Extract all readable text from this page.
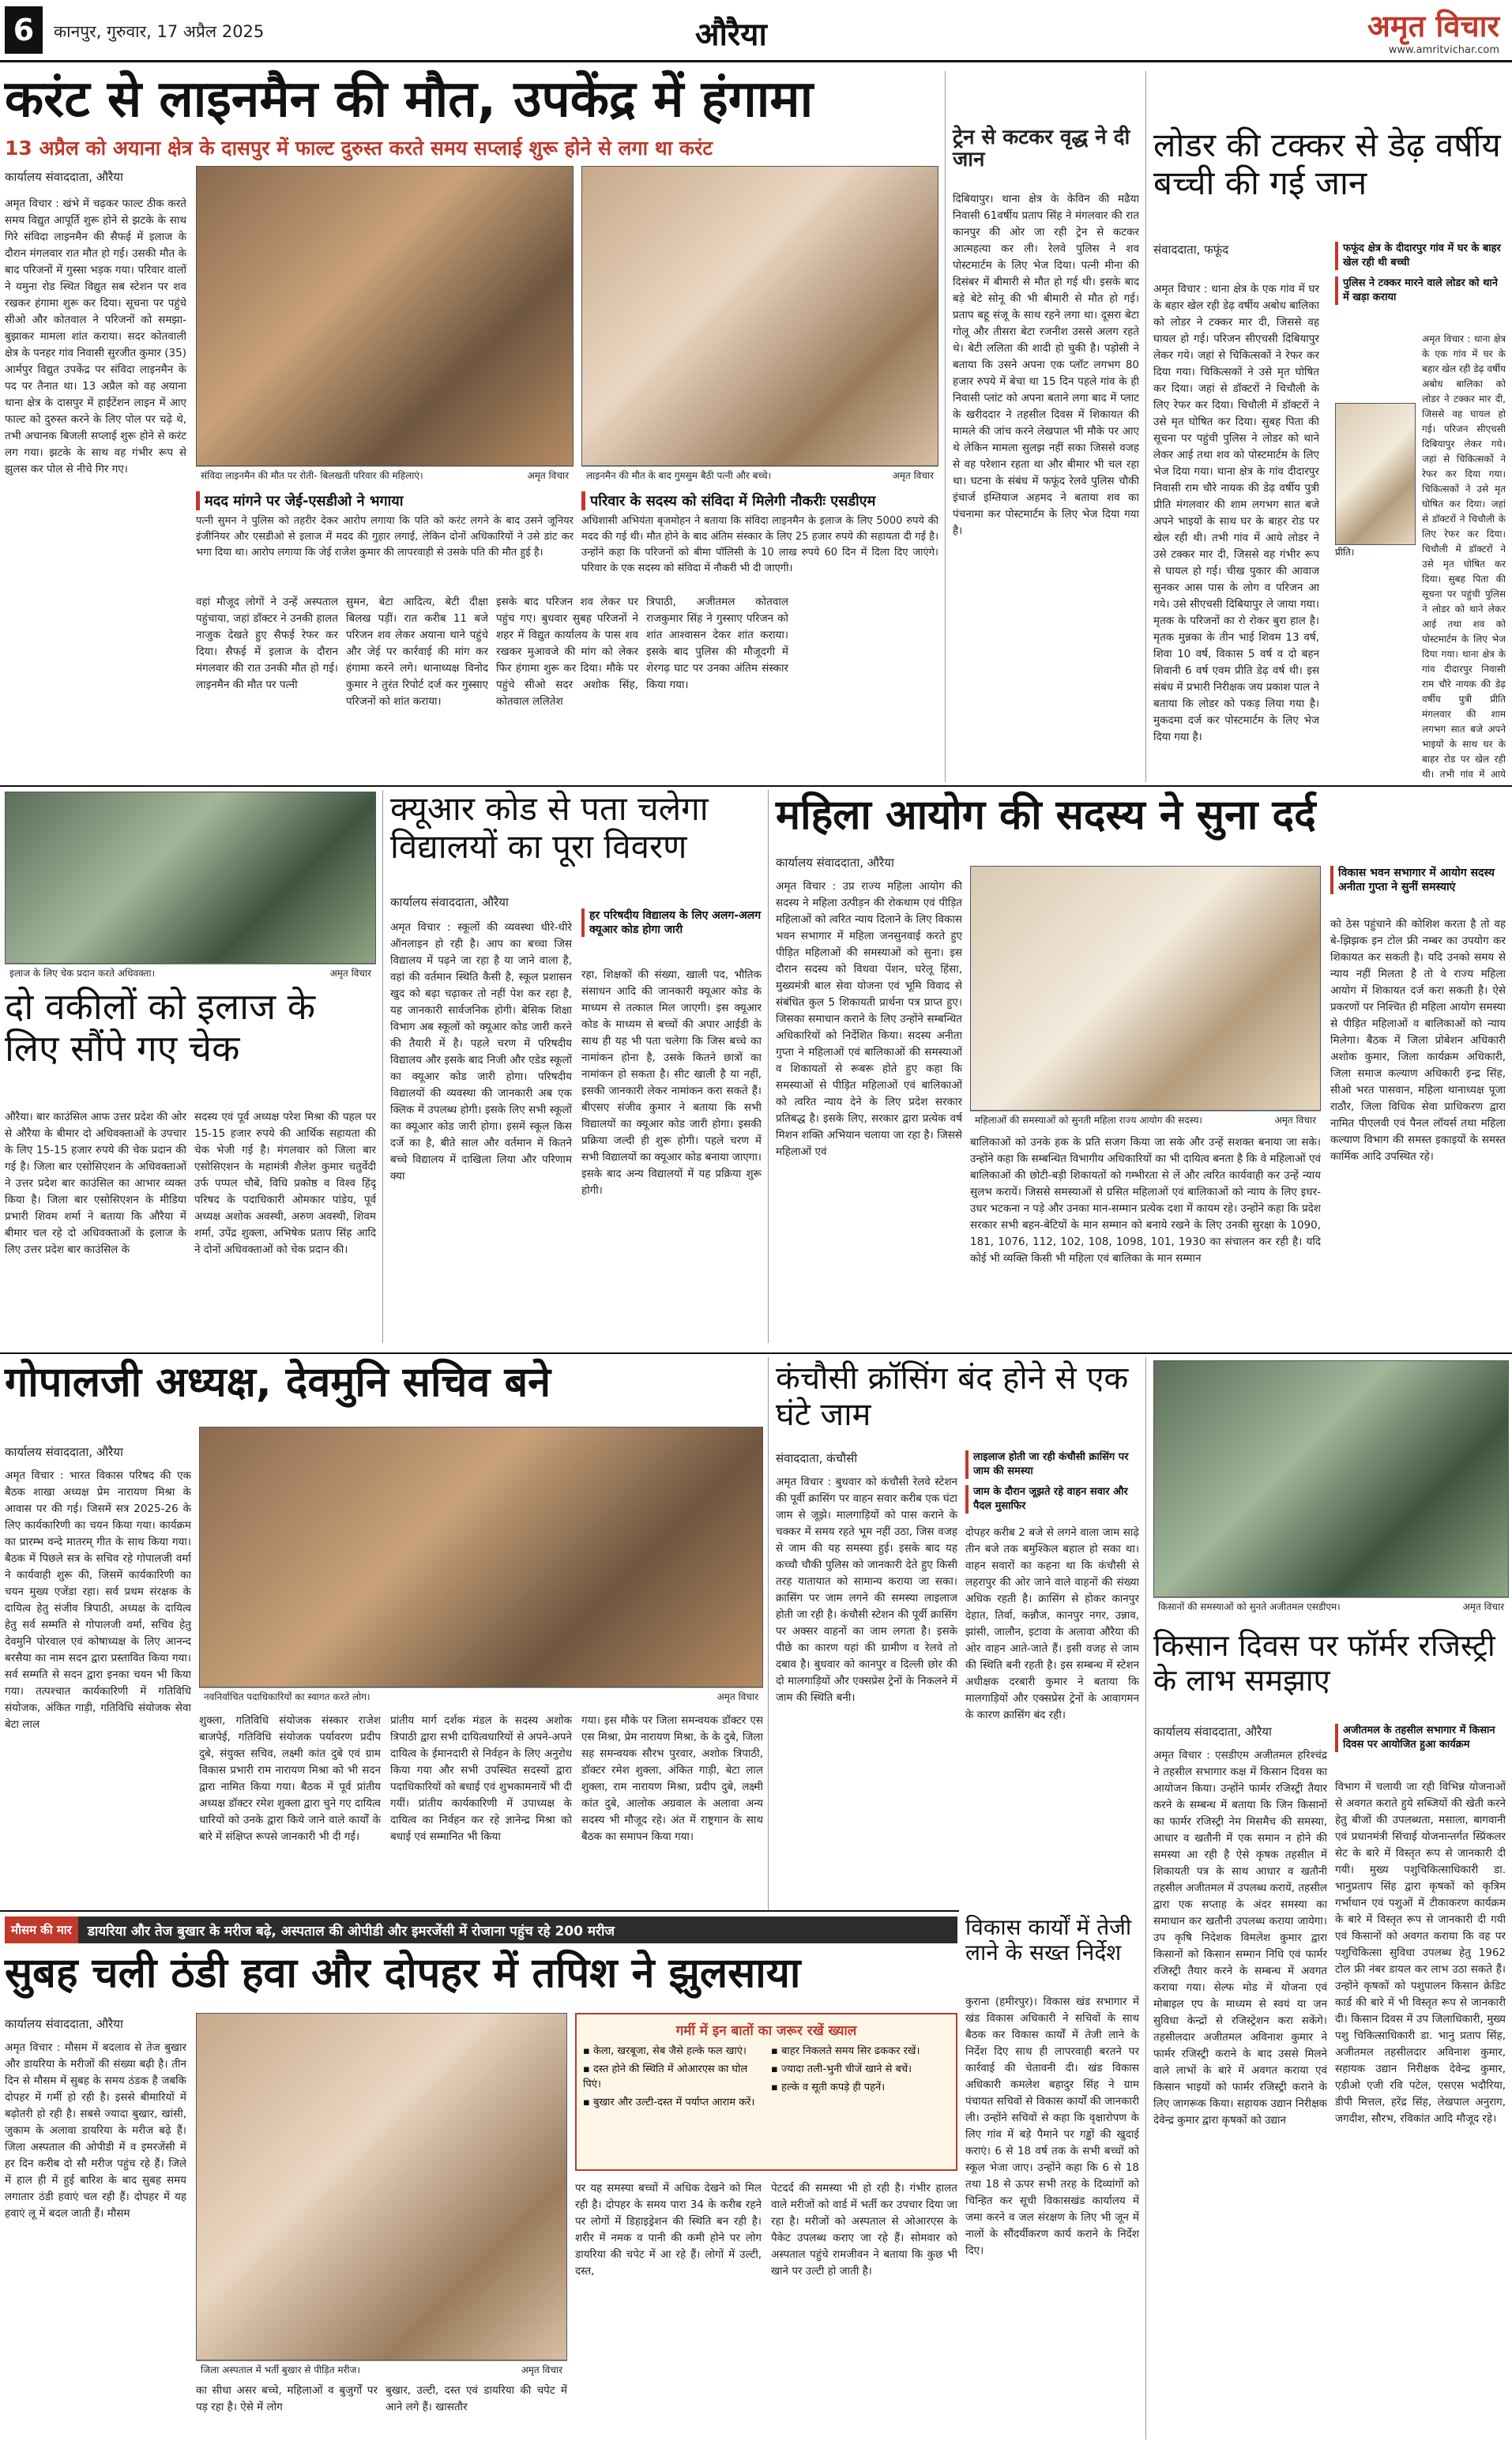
6	कानपुर, गुरुवार, 17 अप्रैल 2025	औरैया	अमृत विचार
www.amritvichar.com
करंट से लाइनमैन की मौत, उपकेंद्र में हंगामा
13 अप्रैल को अयाना क्षेत्र के दासपुर में फाल्ट दुरुस्त करते समय सप्लाई शुरू होने से लगा था करंट
कार्यालय संवाददाता, औरैया
अमृत विचार : खंभे में चढ़कर फाल्ट ठीक करते समय विद्युत आपूर्ति शुरू होने से झटके के साथ गिरे संविदा लाइनमैन की सैफई में इलाज के दौरान मंगलवार रात मौत हो गई। उसकी मौत के बाद परिजनों में गुस्सा भड़क गया। परिवार वालों ने यमुना रोड स्थित विद्युत सब स्टेशन पर शव रखकर हंगामा शुरू कर दिया। सूचना पर पहुंचे सीओ और कोतवाल ने परिजनों को समझा-बुझाकर मामला शांत कराया। सदर कोतवाली क्षेत्र के पनहर गांव निवासी सुरजीत कुमार (35) आर्मपुर विद्युत उपकेंद्र पर संविदा लाइनमैन के पद पर तैनात था। 13 अप्रैल को वह अयाना थाना क्षेत्र के दासपुर में हाईटेंशन लाइन में आए फाल्ट को दुरुस्त करने के लिए पोल पर चढ़े थे, तभी अचानक बिजली सप्लाई शुरू होने से करंट लग गया। झटके के साथ वह गंभीर रूप से झुलस कर पोल से नीचे गिर गए।	संविदा लाइनमैन की मौत पर रोती- बिलखती परिवार की महिलाएं।	अमृत विचार लाइनमैन की मौत के बाद गुमसुम बैठी पत्नी और बच्चे।	अमृत विचार
मदद मांगने पर जेई-एसडीओ ने भगाया
पत्नी सुमन ने पुलिस को तहरीर देकर आरोप लगाया कि पति को करंट लगने के बाद उसने जूनियर इंजीनियर और एसडीओ से इलाज में मदद की गुहार लगाई, लेकिन दोनों अधिकारियों ने उसे डांट कर भगा दिया था। आरोप लगाया कि जेई राजेश कुमार की लापरवाही से उसके पति की मौत हुई है।
परिवार के सदस्य को संविदा में मिलेगी नौकरीः एसडीएम
अधिशासी अभियंता बृजमोहन ने बताया कि संविदा लाइनमैन के इलाज के लिए 5000 रुपये की मदद की गई थी। मौत होने के बाद अंतिम संस्कार के लिए 25 हजार रुपये की सहायता दी गई है। उन्होंने कहा कि परिजनों को बीमा पॉलिसी के 10 लाख रुपये 60 दिन में दिला दिए जाएंगे। परिवार के एक सदस्य को संविदा में नौकरी भी दी जाएगी।
वहां मौजूद लोगों ने उन्हें अस्पताल पहुंचाया, जहां डॉक्टर ने उनकी हालत नाजुक देखते हुए सैफई रेफर कर दिया। सैफई में इलाज के दौरान मंगलवार की रात उनकी मौत हो गई। लाइनमैन की मौत पर पत्नी
सुमन, बेटा आदित्य, बेटी दीक्षा बिलख पड़ीं। रात करीब 11 बजे परिजन शव लेकर अयाना थाने पहुंचे और जेई पर कार्रवाई की मांग कर हंगामा करने लगे। थानाध्यक्ष विनोद कुमार ने तुरंत रिपोर्ट दर्ज कर गुस्साए परिजनों को शांत कराया।
इसके बाद परिजन शव लेकर घर पहुंच गए। बुधवार सुबह परिजनों ने शहर में विद्युत कार्यालय के पास शव रखकर मुआवजे की मांग को लेकर फिर हंगामा शुरू कर दिया। मौके पर पहुंचे सीओ सदर अशोक सिंह, कोतवाल ललितेश
त्रिपाठी, अजीतमल कोतवाल राजकुमार सिंह ने गुस्साए परिजन को शांत आश्वासन देकर शांत कराया। इसके बाद पुलिस की मौजूदगी में शेरगढ़ घाट पर उनका अंतिम संस्कार किया गया।
ट्रेन से कटकर वृद्ध ने दी जान
दिबियापुर। थाना क्षेत्र के केविन की मढैया निवासी 61वर्षीय प्रताप सिंह ने मंगलवार की रात कानपुर की ओर जा रही ट्रेन से कटकर आत्महत्या कर ली। रेलवे पुलिस ने शव पोस्टमार्टम के लिए भेज दिया। पत्नी मीना की दिसंबर में बीमारी से मौत हो गई थी। इसके बाद बड़े बेटे सोनू की भी बीमारी से मौत हो गई। प्रताप बहू संजू के साथ रहने लगा था। दूसरा बेटा गोलू और तीसरा बेटा रजनीश उससे अलग रहते थे। बेटी ललिता की शादी हो चुकी है। पड़ोसी ने बताया कि उसने अपना एक प्लॉट लगभग 80 हजार रुपये में बेचा था 15 दिन पहले गांव के ही निवासी प्लांट को अपना बताने लगा बाद में प्लाट के खरीददार ने तहसील दिवस में शिकायत की मामले की जांच करने लेखपाल भी मौके पर आए थे लेकिन मामला सुलझ नहीं सका जिससे वजह से वह परेशान रहता था और बीमार भी चल रहा था। घटना के संबंध में फफूंद रेलवे पुलिस चौकी इंचार्ज इम्तियाज अहमद ने बताया शव का पंचनामा कर पोस्टमार्टम के लिए भेज दिया गया है।
लोडर की टक्कर से डेढ़ वर्षीय बच्ची की गई जान
संवाददाता, फफूंद	फफूंद क्षेत्र के दीदारपुर गांव में घर के बाहर खेल रही थी बच्ची
पुलिस ने टक्कर मारने वाले लोडर को थाने में खड़ा कराया
अमृत विचार : थाना क्षेत्र के एक गांव में घर के बहार खेल रही डेढ़ वर्षीय अबोध बालिका को लोडर ने टक्कर मार दी, जिससे वह घायल हो गई। परिजन सीएचसी दिबियापुर लेकर गये। जहां से चिकित्सकों ने रेफर कर दिया गया। चिकित्सकों ने उसे मृत घोषित कर दिया। जहां से डॉक्टरों ने चिचौली के लिए रेफर कर दिया। चिचौली में डॉक्टरों ने उसे मृत घोषित कर दिया। सुबह पिता की सूचना पर पहुंची पुलिस ने लोडर को थाने लेकर आई तथा शव को पोस्टमार्टम के लिए भेज दिया गया। थाना क्षेत्र के गांव दीदारपुर निवासी राम चौरे नायक की डेढ़ वर्षीय पुत्री प्रीति मंगलवार की शाम लगभग सात बजे अपने भाइयों के साथ घर के बाहर रोड पर खेल रही थी। तभी गांव में आये लोडर ने उसे टक्कर मार दी, जिससे वह गंभीर रूप से घायल हो गई। चीख पुकार की आवाज सुनकर आस पास के लोग व परिजन आ गये। उसे सीएचसी दिबियापुर ले जाया गया। मृतक के परिजनों का रो रोकर बुरा हाल है। मृतक मुन्नका के तीन भाई शिवम 13 वर्ष, शिवा 10 वर्ष, विकास 5 वर्ष व दो बहन शिवानी 6 वर्ष एवम प्रीति डेढ़ वर्ष थी। इस संबंध में प्रभारी निरीक्षक जय प्रकाश पाल ने बताया कि लोडर को पकड़ लिया गया है। मुकदमा दर्ज कर पोस्टमार्टम के लिए भेज दिया गया है।
प्रीति।
अमृत विचार : थाना क्षेत्र के एक गांव में घर के बहार खेल रही डेढ़ वर्षीय अबोध बालिका को लोडर ने टक्कर मार दी, जिससे वह घायल हो गई। परिजन सीएचसी दिबियापुर लेकर गये। जहां से चिकित्सकों ने रेफर कर दिया गया। चिकित्सकों ने उसे मृत घोषित कर दिया। जहां से डॉक्टरों ने चिचौली के लिए रेफर कर दिया। चिचौली में डॉक्टरों ने उसे मृत घोषित कर दिया। सुबह पिता की सूचना पर पहुंची पुलिस ने लोडर को थाने लेकर आई तथा शव को पोस्टमार्टम के लिए भेज दिया गया। थाना क्षेत्र के गांव दीदारपुर निवासी राम चौरे नायक की डेढ़ वर्षीय पुत्री प्रीति मंगलवार की शाम लगभग सात बजे अपने भाइयों के साथ घर के बाहर रोड पर खेल रही थी। तभी गांव में आये
इलाज के लिए चेक प्रदान करते अधिवक्ता।	अमृत विचार
दो वकीलों को इलाज के लिए सौंपे गए चेक
औरैया। बार काउंसिल आफ उत्तर प्रदेश की ओर से औरैया के बीमार दो अधिवक्ताओं के उपचार के लिए 15-15 हजार रुपये की चेक प्रदान की गई है। जिला बार एसोसिएशन के अधिवक्ताओं ने उत्तर प्रदेश बार काउंसिल का आभार व्यक्त किया है। जिला बार एसोसिएशन के मीडिया प्रभारी शिवम शर्मा ने बताया कि औरैया में बीमार चल रहे दो अधिवक्ताओं के इलाज के लिए उत्तर प्रदेश बार काउंसिल के
सदस्य एवं पूर्व अध्यक्ष परेश मिश्रा की पहल पर 15-15 हजार रुपये की आर्थिक सहायता की चेक भेजी गई है। मंगलवार को जिला बार एसोसिएशन के महामंत्री शैलेश कुमार चतुर्वेदी उर्फ पप्पल चौबे, विधि प्रकोष्ठ व विश्व हिंदू परिषद के पदाधिकारी ओमकार पांडेय, पूर्व अध्यक्ष अशोक अवस्थी, अरुण अवस्थी, शिवम शर्मा, उपेंद्र शुक्ला, अभिषेक प्रताप सिंह आदि ने दोनों अधिवक्ताओं को चेक प्रदान की।
क्यूआर कोड से पता चलेगा विद्यालयों का पूरा विवरण
कार्यालय संवाददाता, औरैया
हर परिषदीय विद्यालय के लिए अलग-अलग क्यूआर कोड होगा जारी
अमृत विचार : स्कूलों की व्यवस्था धीरे-धीरे ऑनलाइन हो रही है। आप का बच्चा जिस विद्यालय में पढ़ने जा रहा है या जाने वाला है, वहां की वर्तमान स्थिति कैसी है, स्कूल प्रशासन खुद को बढ़ा चढ़ाकर तो नहीं पेश कर रहा है, यह जानकारी सार्वजनिक होगी। बेसिक शिक्षा विभाग अब स्कूलों को क्यूआर कोड जारी करने की तैयारी में है। पहले चरण में परिषदीय विद्यालय और इसके बाद निजी और एडेड स्कूलों का क्यूआर कोड जारी होगा। परिषदीय विद्यालयों की व्यवस्था की जानकारी अब एक क्लिक में उपलब्ध होगी। इसके लिए सभी स्कूलों का क्यूआर कोड जारी होगा। इसमें स्कूल किस दर्जे का है, बीते साल और वर्तमान में कितने बच्चे विद्यालय में दाखिला लिया और परिणाम क्या
रहा, शिक्षकों की संख्या, खाली पद, भौतिक संसाधन आदि की जानकारी क्यूआर कोड के माध्यम से तत्काल मिल जाएगी। इस क्यूआर कोड के माध्यम से बच्चों की अपार आईडी के साथ ही यह भी पता चलेगा कि जिस बच्चे का नामांकन होना है, उसके कितने छात्रों का नामांकन हो सकता है। सीट खाली है या नहीं, इसकी जानकारी लेकर नामांकन करा सकते हैं। बीएसए संजीव कुमार ने बताया कि सभी विद्यालयों का क्यूआर कोड जारी होगा। इसकी प्रक्रिया जल्दी ही शुरू होगी। पहले चरण में सभी विद्यालयों का क्यूआर कोड बनाया जाएगा। इसके बाद अन्य विद्यालयों में यह प्रक्रिया शुरू होगी।
महिला आयोग की सदस्य ने सुना दर्द
कार्यालय संवाददाता, औरैया
अमृत विचार : उप्र राज्य महिला आयोग की सदस्य ने महिला उत्पीड़न की रोकथाम एवं पीड़ित महिलाओं को त्वरित न्याय दिलाने के लिए विकास भवन सभागार में महिला जनसुनवाई करते हुए पीड़ित महिलाओं की समस्याओं को सुना। इस दौरान सदस्य को विधवा पेंशन, घरेलू हिंसा, मुख्यमंत्री बाल सेवा योजना एवं भूमि विवाद से संबंधित कुल 5 शिकायती प्रार्थना पत्र प्राप्त हुए। जिसका समाधान कराने के लिए उन्होंने सम्बन्धित अधिकारियों को निर्देशित किया। सदस्य अनीता गुप्ता ने महिलाओं एवं बालिकाओं की समस्याओं व शिकायतों से रूबरू होते हुए कहा कि समस्याओं से पीड़ित महिलाओं एवं बालिकाओं को त्वरित न्याय देने के लिए प्रदेश सरकार प्रतिबद्ध है। इसके लिए, सरकार द्वारा प्रत्येक वर्ष मिशन शक्ति अभियान चलाया जा रहा है। जिससे महिलाओं एवं
महिलाओं की समस्याओं को सुनती महिला राज्य आयोग की सदस्य।	अमृत विचार
विकास भवन सभागार में आयोग सदस्य अनीता गुप्ता ने सुनीं समस्याएं
बालिकाओं को उनके हक के प्रति सजग किया जा सके और उन्हें सशक्त बनाया जा सके। उन्होंने कहा कि सम्बन्धित विभागीय अधिकारियों का भी दायित्व बनता है कि वे महिलाओं एवं बालिकाओं की छोटी-बड़ी शिकायतों को गम्भीरता से लें और त्वरित कार्यवाही कर उन्हें न्याय सुलभ करायें। जिससे समस्याओं से ग्रसित महिलाओं एवं बालिकाओं को न्याय के लिए इधर-उधर भटकना न पड़े और उनका मान-सम्मान प्रत्येक दशा में कायम रहे। उन्होंने कहा कि प्रदेश सरकार सभी बहन-बेटियों के मान सम्मान को बनाये रखने के लिए उनकी सुरक्षा के 1090, 181, 1076, 112, 102, 108, 1098, 101, 1930 का संचालन कर रही है। यदि कोई भी व्यक्ति किसी भी महिला एवं बालिका के मान सम्मान
को ठेस पहुंचाने की कोशिश करता है तो वह बे-झिझक इन टोल फ्री नम्बर का उपयोग कर शिकायत कर सकती है। यदि उनको समय से न्याय नहीं मिलता है तो वे राज्य महिला आयोग में शिकायत दर्ज करा सकती है। ऐसे प्रकरणों पर निश्चित ही महिला आयोग समस्या से पीड़ित महिलाओं व बालिकाओं को न्याय मिलेगा। बैठक में जिला प्रोबेशन अधिकारी अशोक कुमार, जिला कार्यक्रम अधिकारी, जिला समाज कल्याण अधिकारी इन्द्र सिंह, सीओ भरत पासवान, महिला थानाध्यक्ष पूजा राठौर, जिला विधिक सेवा प्राधिकरण द्वारा नामित पीएलवी एवं पैनल लॉयर्स तथा महिला कल्याण विभाग की समस्त इकाइयों के समस्त कार्मिक आदि उपस्थित रहे।
गोपालजी अध्यक्ष, देवमुनि सचिव बने
कार्यालय संवाददाता, औरैया
अमृत विचार : भारत विकास परिषद की एक बैठक शाखा अध्यक्ष प्रेम नारायण मिश्रा के आवास पर की गई। जिसमें सत्र 2025-26 के लिए कार्यकारिणी का चयन किया गया। कार्यक्रम का प्रारम्भ वन्दे मातरम् गीत के साथ किया गया। बैठक में पिछले सत्र के सचिव रहे गोपालजी वर्मा ने कार्यवाही शुरू की, जिसमें कार्यकारिणी का चयन मुख्य एजेंडा रहा। सर्व प्रथम संरक्षक के दायित्व हेतु संजीव त्रिपाठी, अध्यक्ष के दायित्व हेतु सर्व सम्मति से गोपालजी वर्मा, सचिव हेतु देवमुनि पोरवाल एवं कोषाध्यक्ष के लिए आनन्द बरसैया का नाम सदन द्वारा प्रस्तावित किया गया। सर्व सम्मति से सदन द्वारा इनका चयन भी किया गया। तत्पश्चात कार्यकारिणी में गतिविधि संयोजक, अंकित गाड़ी, गतिविधि संयोजक सेवा बेटा लाल
नवनिर्वाचित पदाधिकारियों का स्वागत करते लोग।	अमृत विचार
शुक्ला, गतिविधि संयोजक संस्कार राजेश बाजपेई, गतिविधि संयोजक पर्यावरण प्रदीप दुबे, संयुक्त सचिव, लक्ष्मी कांत दुबे एवं ग्राम विकास प्रभारी राम नारायण मिश्रा को भी सदन द्वारा नामित किया गया। बैठक में पूर्व प्रांतीय अध्यक्ष डॉक्टर रमेश शुक्ला द्वारा चुने गए दायित्व धारियों को उनके द्वारा किये जाने वाले कार्यों के बारे में संक्षिप्त रूपसे जानकारी भी दी गई।
प्रांतीय मार्ग दर्शक मंडल के सदस्य अशोक त्रिपाठी द्वारा सभी दायित्वधारियों से अपने-अपने दायित्व के ईमानदारी से निर्वहन के लिए अनुरोध किया गया और सभी उपस्थित सदस्यों द्वारा पदाधिकारियों को बधाई एवं शुभकामनायें भी दी गयीं। प्रांतीय कार्यकारिणी में उपाध्यक्ष के दायित्व का निर्वहन कर रहे ज्ञानेन्द्र मिश्रा को बधाई एवं सम्मानित भी किया
गया। इस मौके पर जिला समन्वयक डॉक्टर एस एस मिश्रा, प्रेम नारायण मिश्रा, के के दुबे, जिला सह समन्वयक सौरभ पुरवार, अशोक त्रिपाठी, डॉक्टर रमेश शुक्ला, अंकित गाड़ी, बेटा लाल शुक्ला, राम नारायण मिश्रा, प्रदीप दुबे, लक्ष्मी कांत दुबे, आलोक अग्रवाल के अलावा अन्य सदस्य भी मौजूद रहे। अंत में राष्ट्रगान के साथ बैठक का समापन किया गया।
कंचौसी क्रॉसिंग बंद होने से एक घंटे जाम
संवाददाता, कंचौसी	लाइलाज होती जा रही कंचौसी क्रासिंग पर जाम की समस्या
जाम के दौरान जूझते रहे वाहन सवार और पैदल मुसाफिर
अमृत विचार : बुधवार को कंचौसी रेलवे स्टेशन की पूर्वी क्रासिंग पर वाहन सवार करीब एक घंटा जाम से जूझे। मालगाड़ियों को पास कराने के चक्कर में समय रहते भूम नहीं उठा, जिस वजह से जाम की यह समस्या हुई। इसके बाद यह कच्चौ चौकी पुलिस को जानकारी देते हुए किसी तरह यातायात को सामान्य कराया जा सका। क्रासिंग पर जाम लगने की समस्या लाइलाज होती जा रही है। कंचौसी स्टेशन की पूर्वी क्रासिंग पर अक्सर वाहनों का जाम लगता है। इसके पीछे का कारण यहां की ग्रामीण व रेलवे तो दबाव है। बुधवार को कानपुर व दिल्ली छोर की दो मालगाड़ियों और एक्सप्रेस ट्रेनों के निकलने में जाम की स्थिति बनी।
दोपहर करीब 2 बजे से लगने वाला जाम साढ़े तीन बजे तक बमुश्किल बहाल हो सका था। वाहन सवारों का कहना था कि कंचौसी से लहरापुर की ओर जाने वाले वाहनों की संख्या अधिक रहती है। क्रासिंग से होकर कानपुर देहात, तिर्वा, कन्नौज, कानपुर नगर, उन्नाव, झांसी, जालौन, इटावा के अलावा औरैया की ओर वाहन आते-जाते हैं। इसी वजह से जाम की स्थिति बनी रहती है। इस सम्बन्ध में स्टेशन अधीक्षक दरबारी कुमार ने बताया कि मालगाड़ियों और एक्सप्रेस ट्रेनों के आवागमन के कारण क्रासिंग बंद रही।
किसानों की समस्याओं को सुनते अजीतमल एसडीएम।	अमृत विचार
किसान दिवस पर फॉर्मर रजिस्ट्री के लाभ समझाए
कार्यालय संवाददाता, औरैया	अजीतमल के तहसील सभागार में किसान दिवस पर आयोजित हुआ कार्यक्रम
अमृत विचार : एसडीएम अजीतमल हरिश्चंद्र ने तहसील सभागार कक्ष में किसान दिवस का आयोजन किया। उन्होंने फार्मर रजिस्ट्री तैयार करने के सम्बन्ध में बताया कि जिन किसानों का फार्मर रजिस्ट्री नेम मिसमैच की समस्या, आधार व खतौनी में एक समान न होने की समस्या आ रही है ऐसे कृषक तहसील में शिकायती पत्र के साथ आधार व खतौनी तहसील अजीतमल में उपलब्ध करायें, तहसील द्वारा एक सप्ताह के अंदर समस्या का समाधान कर खतौनी उपलब्ध कराया जायेगा। उप कृषि निदेशक विमलेश कुमार द्वारा किसानों को किसान सम्मान निधि एवं फार्मर रजिस्ट्री तैयार करने के सम्बन्ध में अवगत कराया गया। सेल्फ मोड में योजना एवं मोबाइल एप के माध्यम से स्वयं या जन सुविधा केन्द्रों से रजिस्ट्रेशन करा सकेंगे। तहसीलदार अजीतमल अविनाश कुमार ने फार्मर रजिस्ट्री कराने के बाद उससे मिलने वाले लाभों के बारे में अवगत कराया एवं किसान भाइयों को फार्मर रजिस्ट्री कराने के लिए जागरूक किया। सहायक उद्यान निरीक्षक देवेन्द्र कुमार द्वारा कृषकों को उद्यान
विभाग में चलायी जा रही विभिन्न योजनाओं से अवगत कराते हुये सब्जियों की खेती करने हेतु बीजों की उपलब्धता, मसाला, बागवानी एवं प्रधानमंत्री सिंचाई योजनान्तर्गत स्प्रिंकलर सेट के बारे में विस्तृत रूप से जानकारी दी गयी। मुख्य पशुचिकित्साधिकारी डा. भानुप्रताप सिंह द्वारा कृषकों को कृत्रिम गर्भाधान एवं पशुओं में टीकाकरण कार्यक्रम के बारे में विस्तृत रूप से जानकारी दी गयी एवं किसानों को अवगत कराया कि वह पर पशुचिकित्सा सुविधा उपलब्ध हेतु 1962 टोल फ्री नंबर डायल कर लाभ उठा सकते हैं। उन्होंने कृषकों को पशुपालन किसान क्रेडिट कार्ड की बारे में भी विस्तृत रूप से जानकारी दी। किसान दिवस में उप जिलाधिकारी, मुख्य पशु चिकित्साधिकारी डा. भानु प्रताप सिंह, अजीतमल तहसीलदार अविनाश कुमार, सहायक उद्यान निरीक्षक देवेन्द्र कुमार, एडीओ एजी रवि पटेल, एसएस भदौरिया, डीपी मित्तल, हरेंद्र सिंह, लेखपाल अनुराग, जगदीश, सौरभ, रविकांत आदि मौजूद रहे।
विकास कार्यों में तेजी लाने के सख्त निर्देश
कुराना (हमीरपुर)। विकास खंड सभागार में खंड विकास अधिकारी ने सचिवों के साथ बैठक कर विकास कार्यों में तेजी लाने के निर्देश दिए साथ ही लापरवाही बरतने पर कार्रवाई की चेतावनी दी। खंड विकास अधिकारी कमलेश बहादुर सिंह ने ग्राम पंचायत सचिवों से विकास कार्यों की जानकारी ली। उन्होंने सचिवों से कहा कि वृक्षारोपण के लिए गांव में बड़े पैमाने पर गड्ढों की खुदाई कराएं। 6 से 18 वर्ष तक के सभी बच्चों को स्कूल भेजा जाए। उन्होंने कहा कि 6 से 18 तथा 18 से ऊपर सभी तरह के दिव्यांगों को चिन्हित कर सूची विकासखंड कार्यालय में जमा करने व जल संरक्षण के लिए भी जून में नालों के सौंदर्यीकरण कार्य कराने के निर्देश दिए।
मौसम की मार	डायरिया और तेज बुखार के मरीज बढ़े, अस्पताल की ओपीडी और इमरजेंसी में रोजाना पहुंच रहे 200 मरीज
सुबह चली ठंडी हवा और दोपहर में तपिश ने झुलसाया
कार्यालय संवाददाता, औरैया
अमृत विचार : मौसम में बदलाव से तेज बुखार और डायरिया के मरीजों की संख्या बढ़ी है। तीन दिन से मौसम में सुबह के समय ठंडक है जबकि दोपहर में गर्मी हो रही है। इससे बीमारियों में बढ़ोतरी हो रही है। सबसे ज्यादा बुखार, खांसी, जुकाम के अलावा डायरिया के मरीज बढ़े हैं। जिला अस्पताल की ओपीडी में व इमरजेंसी में हर दिन करीब दो सौ मरीज पहुंच रहे हैं। जिले में हाल ही में हुई बारिश के बाद सुबह समय लगातार ठंडी हवाएं चल रही हैं। दोपहर में यह हवाएं लू में बदल जाती हैं। मौसम
जिला अस्पताल में भर्ती बुखार से पीड़ित मरीज।	अमृत विचार
का सीधा असर बच्चे, महिलाओं व बुजुर्गों पर पड़ रहा है। ऐसे में लोग
बुखार, उल्टी, दस्त एवं डायरिया की चपेट में आने लगे हैं। खासतौर
गर्मी में इन बातों का जरूर रखें ख्याल
▪ केला, खरबूजा, सेब जैसे हल्के फल खाएं।
▪ दस्त होने की स्थिति में ओआरएस का घोल पिएं।
▪ बुखार और उल्टी-दस्त में पर्याप्त आराम करें।
▪ बाहर निकलते समय सिर ढककर रखें।
▪ ज्यादा तली-भुनी चीजें खाने से बचें।
▪ हल्के व सूती कपड़े ही पहनें।
पर यह समस्या बच्चों में अधिक देखने को मिल रही है। दोपहर के समय पारा 34 के करीब रहने पर लोगों में डिहाइड्रेशन की स्थिति बन रही है। शरीर में नमक व पानी की कमी होने पर लोग डायरिया की चपेट में आ रहे हैं। लोगों में उल्टी, दस्त,
पेटदर्द की समस्या भी हो रही है। गंभीर हालत वाले मरीजों को वार्ड में भर्ती कर उपचार दिया जा रहा है। मरीजों को अस्पताल से ओआरएस के पैकेट उपलब्ध कराए जा रहे हैं। सोमवार को अस्पताल पहुंचे रामजीवन ने बताया कि कुछ भी खाने पर उल्टी हो जाती है।
